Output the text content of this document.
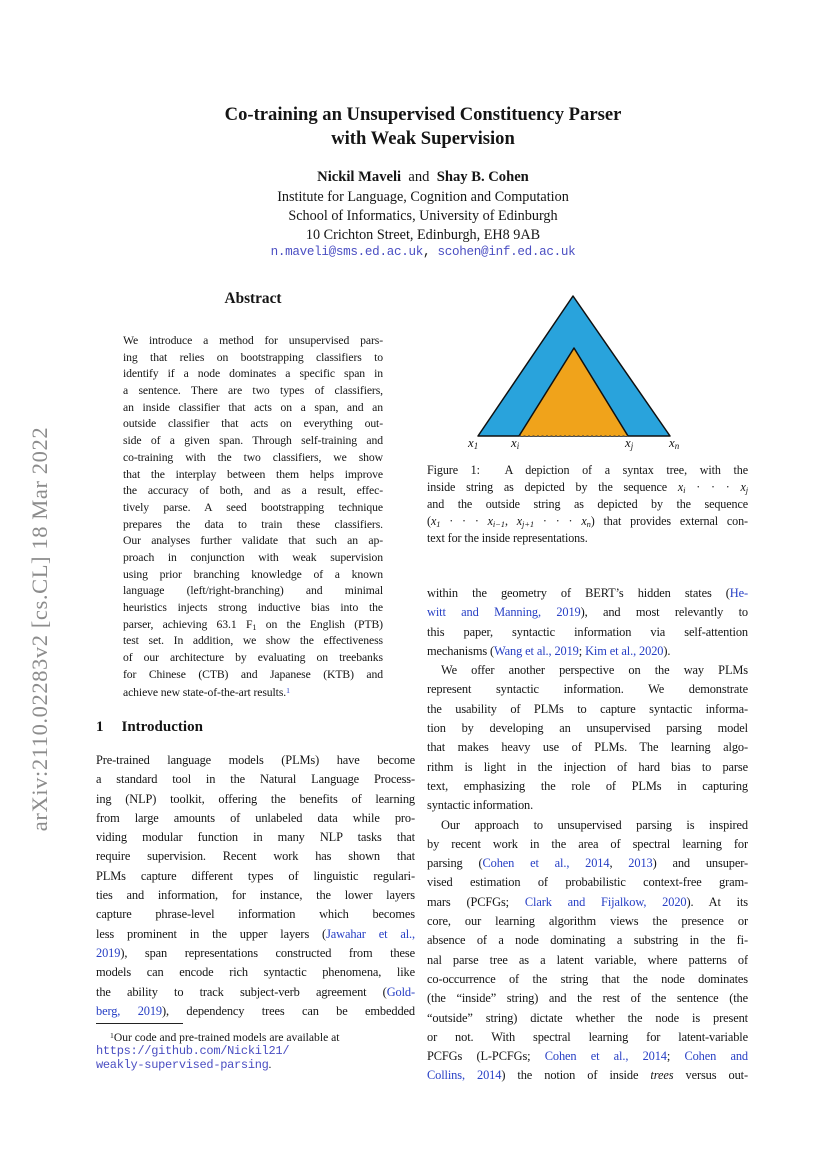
arXiv:2110.02283v2 [cs.CL] 18 Mar 2022
Co-training an Unsupervised Constituency Parser
with Weak Supervision
Nickil Maveli and Shay B. Cohen
Institute for Language, Cognition and Computation
School of Informatics, University of Edinburgh
10 Crichton Street, Edinburgh, EH8 9AB
n.maveli@sms.ed.ac.uk, scohen@inf.ed.ac.uk
Abstract
We introduce a method for unsupervised pars-
ing that relies on bootstrapping classifiers to
identify if a node dominates a specific span in
a sentence. There are two types of classifiers,
an inside classifier that acts on a span, and an
outside classifier that acts on everything out-
side of a given span. Through self-training and
co-training with the two classifiers, we show
that the interplay between them helps improve
the accuracy of both, and as a result, effec-
tively parse. A seed bootstrapping technique
prepares the data to train these classifiers.
Our analyses further validate that such an ap-
proach in conjunction with weak supervision
using prior branching knowledge of a known
language (left/right-branching) and minimal
heuristics injects strong inductive bias into the
parser, achieving 63.1 F1 on the English (PTB)
test set. In addition, we show the effectiveness
of our architecture by evaluating on treebanks
for Chinese (CTB) and Japanese (KTB) and
achieve new state-of-the-art results.$^1$
1 Introduction
Pre-trained language models (PLMs) have become
a standard tool in the Natural Language Process-
ing (NLP) toolkit, offering the benefits of learning
from large amounts of unlabeled data while pro-
viding modular function in many NLP tasks that
require supervision. Recent work has shown that
PLMs capture different types of linguistic regulari-
ties and information, for instance, the lower layers
capture phrase-level information which becomes
less prominent in the upper layers (Jawahar et al.,
2019), span representations constructed from these
models can encode rich syntactic phenomena, like
the ability to track subject-verb agreement (Gold-
berg, 2019), dependency trees can be embedded
$^1$Our code and pre-trained models are available at
https://github.com/Nickil21/
weakly-supervised-parsing.
x1	xi	xj	xn
Figure 1:  A depiction of a syntax tree, with the
inside string as depicted by the sequence xi · · · xj
and the outside string as depicted by the sequence
(x1 · · · xi−1, xj+1 · · · xn) that provides external con-
text for the inside representations.
within the geometry of BERT’s hidden states (He-
witt and Manning, 2019), and most relevantly to
this paper, syntactic information via self-attention
mechanisms (Wang et al., 2019; Kim et al., 2020).
We offer another perspective on the way PLMs
represent syntactic information. We demonstrate
the usability of PLMs to capture syntactic informa-
tion by developing an unsupervised parsing model
that makes heavy use of PLMs. The learning algo-
rithm is light in the injection of hard bias to parse
text, emphasizing the role of PLMs in capturing
syntactic information.
Our approach to unsupervised parsing is inspired
by recent work in the area of spectral learning for
parsing (Cohen et al., 2014, 2013) and unsuper-
vised estimation of probabilistic context-free gram-
mars (PCFGs; Clark and Fijalkow, 2020). At its
core, our learning algorithm views the presence or
absence of a node dominating a substring in the fi-
nal parse tree as a latent variable, where patterns of
co-occurrence of the string that the node dominates
(the “inside” string) and the rest of the sentence (the
“outside” string) dictate whether the node is present
or not. With spectral learning for latent-variable
PCFGs (L-PCFGs; Cohen et al., 2014; Cohen and
Collins, 2014) the notion of inside trees versus out-
